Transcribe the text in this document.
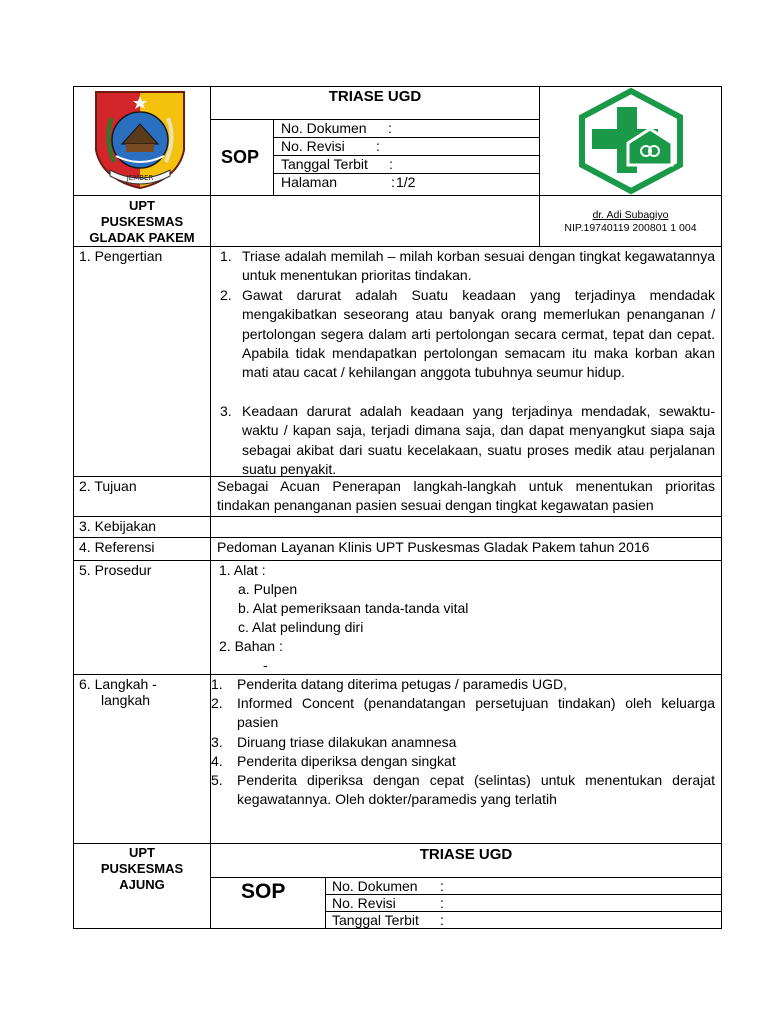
JEMBER
TRIASE UGD
SOP
No. Dokumen :
No. Revisi :
Tanggal Terbit :
Halaman	: 1/2
UPT
PUSKESMAS
GLADAK PAKEM
dr. Adi Subagiyo
NIP.19740119 200801 1 004
1. Pengertian	1. Triase adalah memilah – milah korban sesuai dengan tingkat kegawatannya untuk menentukan prioritas tindakan.
2. Gawat darurat adalah Suatu keadaan yang terjadinya mendadak mengakibatkan seseorang atau banyak orang memerlukan penanganan / pertolongan segera dalam arti pertolongan secara cermat, tepat dan cepat. Apabila tidak mendapatkan pertolongan semacam itu maka korban akan mati atau cacat / kehilangan anggota tubuhnya seumur hidup.
3. Keadaan darurat adalah keadaan yang terjadinya mendadak, sewaktu-waktu / kapan saja, terjadi dimana saja, dan dapat menyangkut siapa saja sebagai akibat dari suatu kecelakaan, suatu proses medik atau perjalanan suatu penyakit.
2. Tujuan	Sebagai Acuan Penerapan langkah-langkah untuk menentukan prioritas tindakan penanganan pasien sesuai dengan tingkat kegawatan pasien
3. Kebijakan
4. Referensi	Pedoman Layanan Klinis UPT Puskesmas Gladak Pakem tahun 2016
5. Prosedur	1. Alat :
a. Pulpen
b. Alat pemeriksaan tanda-tanda vital
c. Alat pelindung diri
2. Bahan :
-
6. Langkah -
langkah
1. Penderita datang diterima petugas / paramedis UGD,
2. Informed Concent (penandatangan persetujuan tindakan) oleh keluarga pasien
3. Diruang triase dilakukan anamnesa
4. Penderita diperiksa dengan singkat
5. Penderita diperiksa dengan cepat (selintas) untuk menentukan derajat kegawatannya. Oleh dokter/paramedis yang terlatih
UPT
PUSKESMAS
AJUNG
TRIASE UGD
SOP	No. Dokumen :
No. Revisi	:
Tanggal Terbit :
